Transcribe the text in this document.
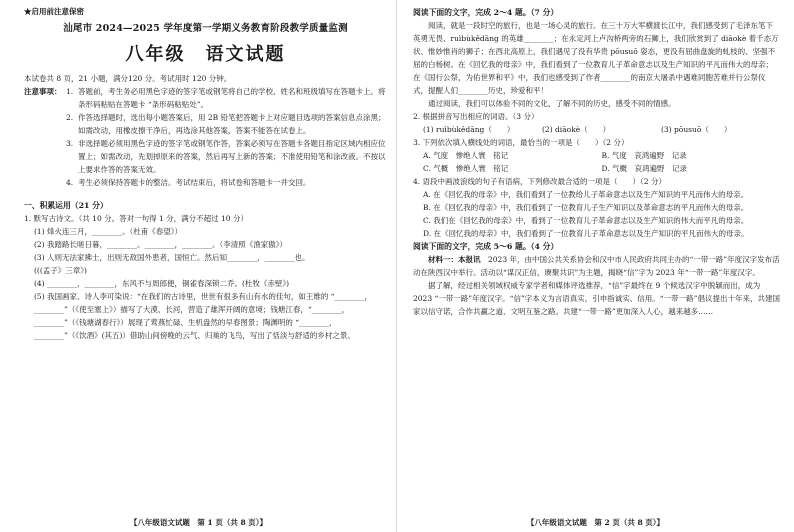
★启用前注意保密

汕尾市 2024—2025 学年度第一学期义务教育阶段教学质量监测

八年级　语文试题

本试卷共 8 页，21 小题，满分120 分。考试用时 120 分钟。

注意事项： 1. 答题前，考生务必用黑色字迹的签字笔或钢笔将自己的学校、姓名和班级填写在答题卡上。将条形码粘贴在答题卡 “条形码粘贴处”。
2. 作答选择题时，选出每小题答案后，用 2B 铅笔把答题卡上对应题目选项的答案信息点涂黑；如需改动，用橡皮擦干净后，再选涂其他答案，答案不能答在试卷上。
3. 非选择题必须用黑色字迹的签字笔或钢笔作答，答案必须写在答题卡各题目指定区域内相应位置上；如需改动，先划掉原来的答案，然后再写上新的答案；不准使用铅笔和涂改液。不按以上要求作答的答案无效。
4. 考生必须保持答题卡的整洁。考试结束后，将试卷和答题卡一并交回。

一、积累运用（21 分）

1. 默写古诗文。（共 10 分。答对一句得 1 分，满分不超过 10 分）

(1) 烽火连三月，________。（杜甫《春望》）

(2) 我踏路长嗟日暮，________。________，________。（李清照《渔家傲》）

(3) 人则无法家拂士，出则无敌国外患者，国恒亡。然后知________，________也。

(((孟子》三章》)

(4) ________，________，东风不与周郎便，铜雀春深锁二乔。(杜牧《赤壁》)

(5) 我国画家、诗人李可染说：“在我们的古诗里，世世有很多有山有水的佳句，如王维的 “________，________”（《使至塞上》）描写了大漠、长河，营造了雄浑开阔的意境；钱塘江春，“________，________”（《钱塘湖春行》）展现了莺燕忙碌、生机盎然的早春图景；陶渊明的 “________，________”（《饮酒》(其五)）借助山间傍晚的云气、归巢的飞鸟，写出了恬淡与舒适的乡村之景。

【八年级语文试题　第 1 页（共 8 页）】

阅读下面的文字，完成 2～4 题。（7 分）

阅读，就是一段时空的旅行，也是一场心灵的旅行。在三十万大军横渡长江中，我们感受到了毛泽东笔下英勇无畏、ruìbùkědāng 的英雄________；在永定河上卢沟桥两旁的石狮上，我们欣赏到了 diāokè 着千态万状、惟妙惟肖的狮子；在西北高原上，我们遇见了没有华贵 pōusuō 姿态，更没有屈曲盘旋的虬枝的、坚强不屈的白杨树。在《回忆我的母亲》中，我们看到了一位教育儿子革命意志以及生产知识的平凡而伟大的母亲；在《国行公祭，为佑世界和平》中，我们也感受到了作者________的南京大屠杀中遇难同胞苦难并行公祭仪式，提醒人们________历史，珍爱和平！

通过阅读，我们可以体验不同的文化，了解不同的历史，感受不同的情感。

2. 根据拼音写出相应的词语。（3 分）

(1) ruìbùkědāng（　　）	(2) diāokè（　　）	(3) pōusuō（　　）

3. 下列依次填入横线处的词语，最恰当的一项是（　　）（2 分）

A. 气度　惨绝人寰　铭记	B. 气度　哀鸿遍野　记录
C. 气概　惨绝人寰　铭记	D. 气概　哀鸿遍野　记录

4. 语段中画波浪线的句子有语病，下列修改最合适的一项是（　　）（2 分）

A. 在《回忆我的母亲》中，我们看到了一位教给儿子革命意志以及生产知识的平凡而伟大的母亲。

B. 在《回忆我的母亲》中，我们看到了一位教育儿子生产知识以及革命意志的平凡而伟大的母亲。

C. 我们在《回忆我的母亲》中，看到了一位教育儿子革命意志以及生产知识的伟大而平凡的母亲。

D. 在《回忆我的母亲》中，我们看到了一位教育儿子革命意志以及生产知识的平凡而伟大的母亲。

阅读下面的文字，完成 5～6 题。（4 分）

材料一：本报讯　 2023 年，由中国公共关系协会和汉中市人民政府共同主办的“一带一路”年度汉字发布活动在陕西汉中举行。活动以“谋汉正信，赓聚共识”为主题，揭晓“信”字为 2023 年“一带一路”年度汉字。

据了解，经过相关领域权威专家学者和媒体评选推荐，“信”字最终在 9 个候选汉字中脱颖而出，成为 2023 “一带一路”年度汉字。“信”字本义为言语真实，引申指诚实、信用。“一带一路”倡议提出十年来，共建国家以信守诺，合作共赢之道、文明互鉴之路。共建“一带一路”更加深入人心，越来越多……

【八年级语文试题　第 2 页（共 8 页）】
